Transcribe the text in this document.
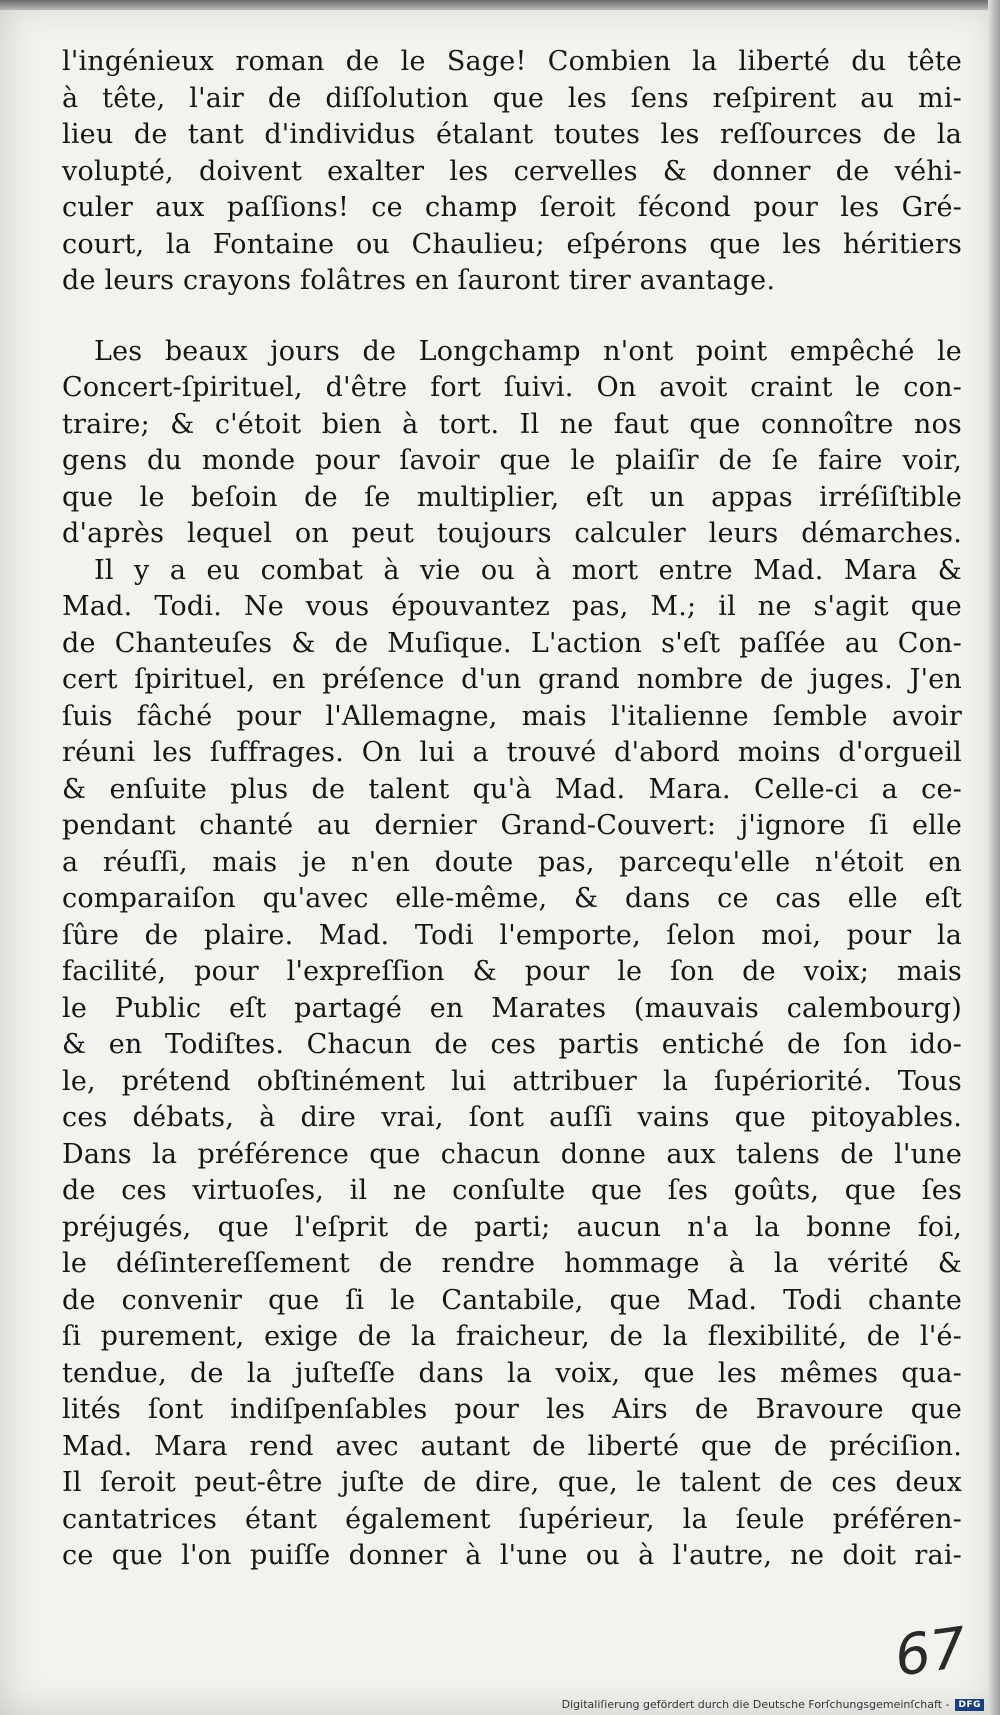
l'ingénieux roman de le Sage! Combien la liberté du tête
à tête, l'air de diſſolution que les ſens reſpirent au mi-
lieu de tant d'individus étalant toutes les reſſources de la
volupté, doivent exalter les cervelles & donner de véhi-
culer aux paſſions! ce champ ſeroit fécond pour les Gré-
court, la Fontaine ou Chaulieu; eſpérons que les héritiers
de leurs crayons folâtres en ſauront tirer avantage.
Les beaux jours de Longchamp n'ont point empêché le
Concert-ſpirituel, d'être fort ſuivi. On avoit craint le con-
traire; & c'étoit bien à tort. Il ne faut que connoître nos
gens du monde pour ſavoir que le plaiſir de ſe faire voir,
que le beſoin de ſe multiplier, eſt un appas irréſiſtible
d'après lequel on peut toujours calculer leurs démarches.
Il y a eu combat à vie ou à mort entre Mad. Mara &
Mad. Todi. Ne vous épouvantez pas, M.; il ne s'agit que
de Chanteuſes & de Muſique. L'action s'eſt paſſée au Con-
cert ſpirituel, en préſence d'un grand nombre de juges. J'en
ſuis fâché pour l'Allemagne, mais l'italienne ſemble avoir
réuni les ſuffrages. On lui a trouvé d'abord moins d'orgueil
& enſuite plus de talent qu'à Mad. Mara. Celle-ci a ce-
pendant chanté au dernier Grand-Couvert: j'ignore ſi elle
a réuſſi, mais je n'en doute pas, parcequ'elle n'étoit en
comparaiſon qu'avec elle-même, & dans ce cas elle eſt
ſûre de plaire. Mad. Todi l'emporte, ſelon moi, pour la
facilité, pour l'expreſſion & pour le ſon de voix; mais
le Public eſt partagé en Marates (mauvais calembourg)
& en Todiſtes. Chacun de ces partis entiché de ſon ido-
le, prétend obſtinément lui attribuer la ſupériorité. Tous
ces débats, à dire vrai, ſont auſſi vains que pitoyables.
Dans la préférence que chacun donne aux talens de l'une
de ces virtuoſes, il ne conſulte que ſes goûts, que ſes
préjugés, que l'eſprit de parti; aucun n'a la bonne foi,
le déſintereſſement de rendre hommage à la vérité &
de convenir que ſi le Cantabile, que Mad. Todi chante
ſi purement, exige de la fraicheur, de la flexibilité, de l'é-
tendue, de la juſteſſe dans la voix, que les mêmes qua-
lités ſont indiſpenſables pour les Airs de Bravoure que
Mad. Mara rend avec autant de liberté que de préciſion.
Il ſeroit peut-être juſte de dire, que, le talent de ces deux
cantatrices étant également ſupérieur, la ſeule préféren-
ce que l'on puiſſe donner à l'une ou à l'autre, ne doit rai-
67
Digitaliſierung gefördert durch die Deutsche Forſchungsgemeinſchaft -	DFG
